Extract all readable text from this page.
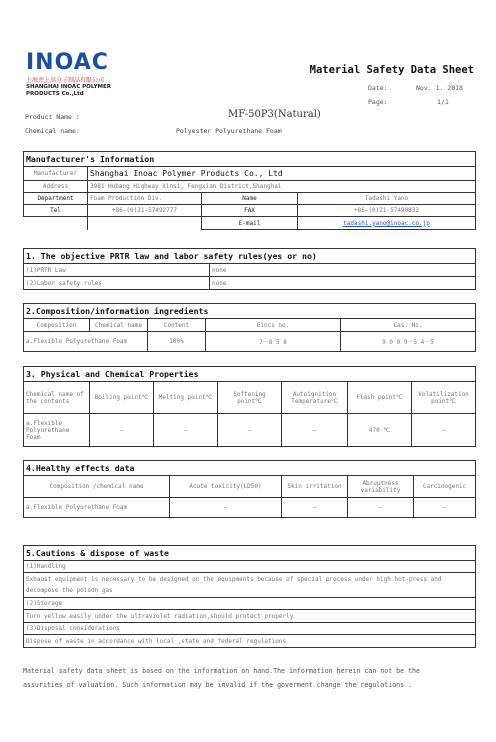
INOAC
上海井上高分子制品有限公司
SHANGHAI INOAC POLYMER
PRODUCTS Co.,Ltd
Material Safety Data Sheet
Date:	Nov. 1. 2018
Page:	1/1
Product Name :	MF-50P3(Natural)
Chemical name:	Polyester Polyurethane Foam
Manufacturer's Information			
Manufacturer	Shanghai Inoac Polymer Products Co., Ltd		
Address	3981 Hubang Highway Xinsi, Fengxian District,Shanghai		
Department	Foam Production Div.	Name	Tadashi Yano
Tel	+86-(0)21-57492777	FAX	+86-(0)21-57490833
		E-mail	tadashi.yano@inoac.co.jp
1. The objective PRTR law and labor safety rules(yes or no)	
(1)PRTR Law	none
(2)Labor safety rules	none
2.Composition/information ingredients				
Composition	Chemical name	Content	Eincs no.	Cas. No.
a.Flexible Polyurethane Foam		100%	7－8 5 8	9 0 0 9－5 4－5
3. Physical and Chemical Properties						
Chemical name of the contents	Boiling point℃	Melting point℃	Softening point℃	Autoignition Temperature℃	Flash point℃	Volatilization point℃
a.Flexible Polyurethane Foam	—	—	—	—	470 ℃	—
4.Healthy effects data				
Composition /chemical name	Acute toxicity(LD50)	Skin irritation	Abruptness variability	Carcinogenic
a.Flexible Polyurethane Foam	—	—	—	—
5.Cautions & dispose of waste
(1)Handling
Exhaust equipment is necessary to be designed on the equipments because of special process under high hot-press and decompose the poison gas
(2)Storage
Turn yellow easily under the ultraviolet radiation,should protect properly
(3)Disposal considerations
Dispose of waste in accordance with local ,state and federal regulations
Material safety data sheet is based on the information on hand.The information herein can not be the
assurities of valuation. Such information may be invalid if the goverment change the regulations .
